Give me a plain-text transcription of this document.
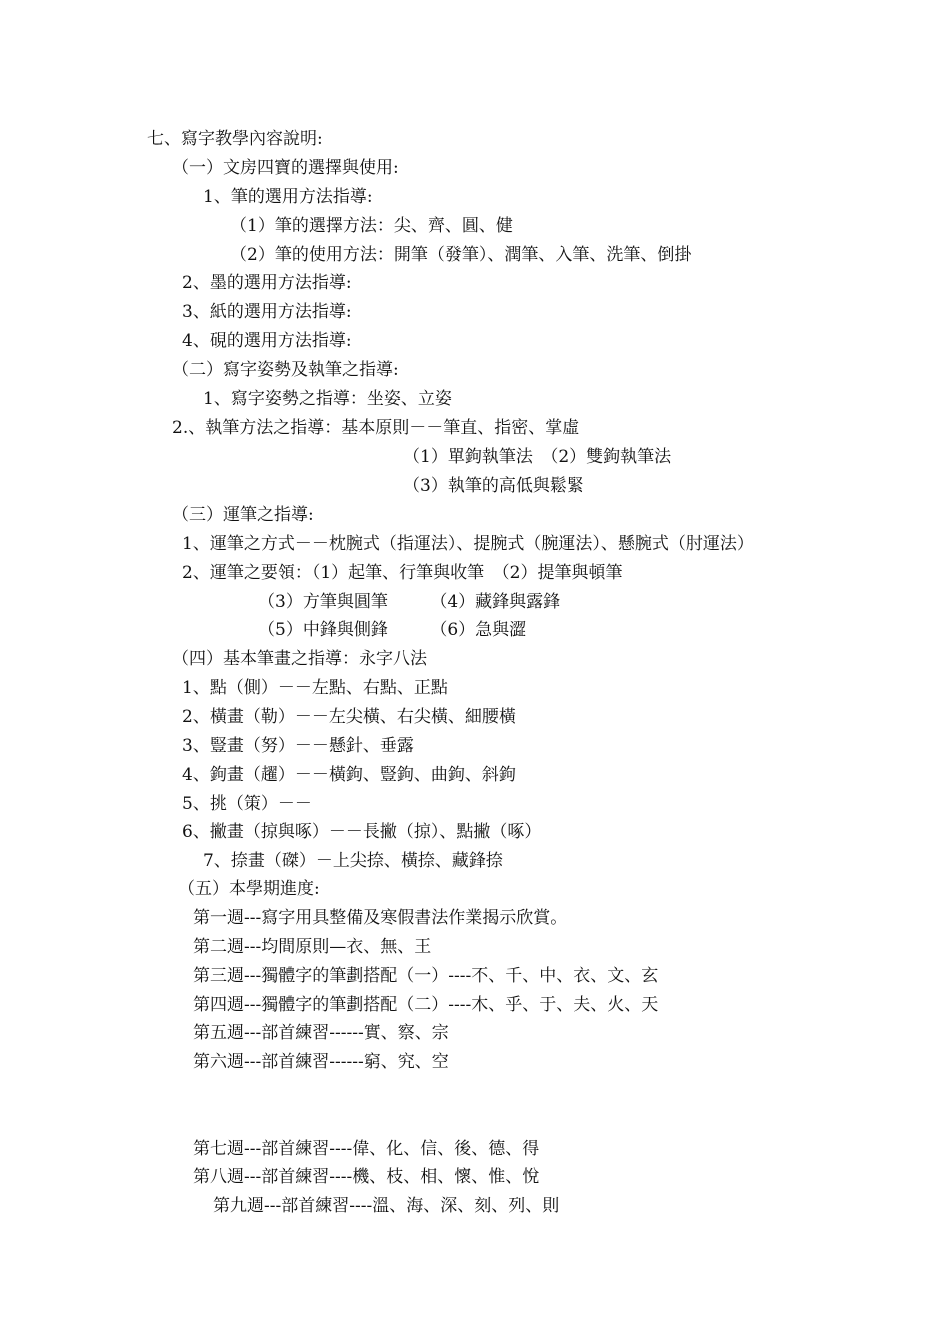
七、寫字教學內容說明:
（一）文房四寶的選擇與使用:
1、筆的選用方法指導:
（1）筆的選擇方法：尖、齊、圓、健
（2）筆的使用方法：開筆（發筆）、潤筆、入筆、洗筆、倒掛
2、墨的選用方法指導:
3、紙的選用方法指導:
4、硯的選用方法指導:
（二）寫字姿勢及執筆之指導:
1、寫字姿勢之指導：坐姿、立姿
2.、執筆方法之指導：基本原則－－筆直、指密、掌虛
（1）單鉤執筆法　（2）雙鉤執筆法
（3）執筆的高低與鬆緊
（三）運筆之指導:
1、運筆之方式－－枕腕式（指運法）、提腕式（腕運法）、懸腕式（肘運法）
2、運筆之要領：（1）起筆、行筆與收筆　（2）提筆與頓筆
（3）方筆與圓筆　　　（4）藏鋒與露鋒
（5）中鋒與側鋒　　　（6）急與澀
（四）基本筆畫之指導：永字八法
1、點（側）－－左點、右點、正點
2、橫畫（勒）－－左尖橫、右尖橫、細腰橫
3、豎畫（努）－－懸針、垂露
4、鉤畫（趯）－－橫鉤、豎鉤、曲鉤、斜鉤
5、挑（策）－－
6、撇畫（掠與啄）－－長撇（掠）、點撇（啄）
7、捺畫（磔）－上尖捺、橫捺、藏鋒捺
（五）本學期進度:
第一週---寫字用具整備及寒假書法作業揭示欣賞。
第二週---均間原則—衣、無、王
第三週---獨體字的筆劃搭配（一）----不、千、中、衣、文、玄
第四週---獨體字的筆劃搭配（二）----木、乎、于、夫、火、天
第五週---部首練習------實、察、宗
第六週---部首練習------窮、究、空
第七週---部首練習----偉、化、信、後、德、得
第八週---部首練習----機、枝、相、懷、惟、悅
第九週---部首練習----溫、海、深、刻、列、則
